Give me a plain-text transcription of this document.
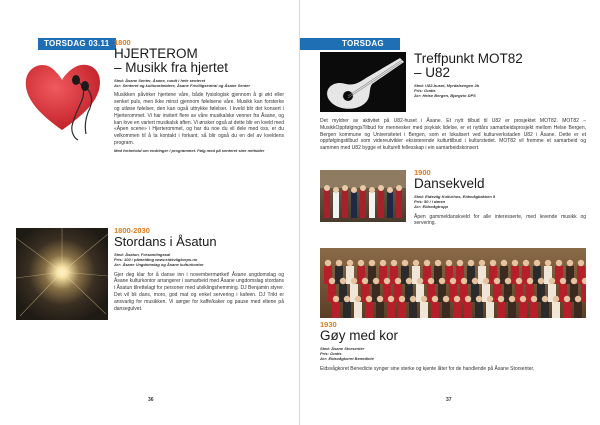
TORSDAG 03.11 1800
HJERTEROM
– Musikk fra hjertet
Sted: Åsane Senter, Åsane, rundt i hele senteret
Arr: Senteret og kulturarbeidere, Åsane Frivilligsentral og Åsane Senter
Musikken påvirker hjertene våre, både fysiologisk gjennom å gi økt eller senket puls, men ikke minst gjennom følelsene våre. Musikk kan forsterke og utløse følelser, den kan også uttrykke følelser. I kveld blir det konsert i Hjerterommet. Vi har invitert flere av våre musikalske venner fra Åsane, og kan love en variert musikalsk aften. Vi ønsker også at dette blir en kveld med «Åpen scene» i Hjerterommet, og har du noe du vil dele med oss, er du velkommen til å ta kontakt i forkant, så blir også du en del av kveldens program.
Med forbehold om endringer i programmet. Følg med på senteret sine nettsider
1800-2030
Stordans i Åsatun
Sted: Åsatun, Forsamlingssal
Pris: 100 / påmelding www.eidsvågkorps.no
Arr: Åsane Ungdomslag og Åsane kulturkontor
Gjer deg klar for å danse inn i novembermørket! Åsane ungdomslag og Åsane kulturkontor arrangerer i samarbeid med Åsane ungdomslag stordans i Åsatun tilrettelagt for personer med utviklingshemming. DJ Benjamin styrer. Det vil bli dans, moro, god mat og enkel servering i kafeen. DJ Trikt er ansvarlig for musikken. Vi sørger for kaffe/kaker og pause med eltene på dansegulvet.
36
TORSDAG
Treffpunkt MOT82
– U82
Sted: U82-huset, Myrdalsvegen 2b
Pris: Gratis
Arr: Helse Bergen, Bjørgvin DPS
Det myldrer av aktivitet på U82-huset i Åsane. Et nytt tilbud til U82 er prosjektet MOT82. MOT82 – MusikkOppfølgingsTilbud for mennesker med psykisk lidelse, er et nyttårs samarbeidsprosjekt mellom Helse Bergen, Bergen kommune og Universitetet i Bergen, som er lokalisert ved kulturverkstaden U82 i Åsane. Dette er et oppfølgingstilbud som videreutvikler eksisterende kulturtilbud i kulturstedet. MOT82 vil fremme et samarbeid og sammen med U82 bygge et kulturelt fellesskap i ein samarbeidskonsert.
1900
Dansekveld
Sted: Eidsvåg Kulturhus, Eidsvågbakken 5
Pris: 50 / i døren
Arr: Eidsvågtrupp
Åpen gammeldanskveld for alle interesserte, med levende musikk og servering.
1930
Gøy med kor
Sted: Åsane Storsenter
Pris: Gratis
Arr: Eidsvågkoret Benedicte
Eidsvågkoret Benedicte synger sine sterke og kjente låter for de handlende på Åsane Storsenter.
37
